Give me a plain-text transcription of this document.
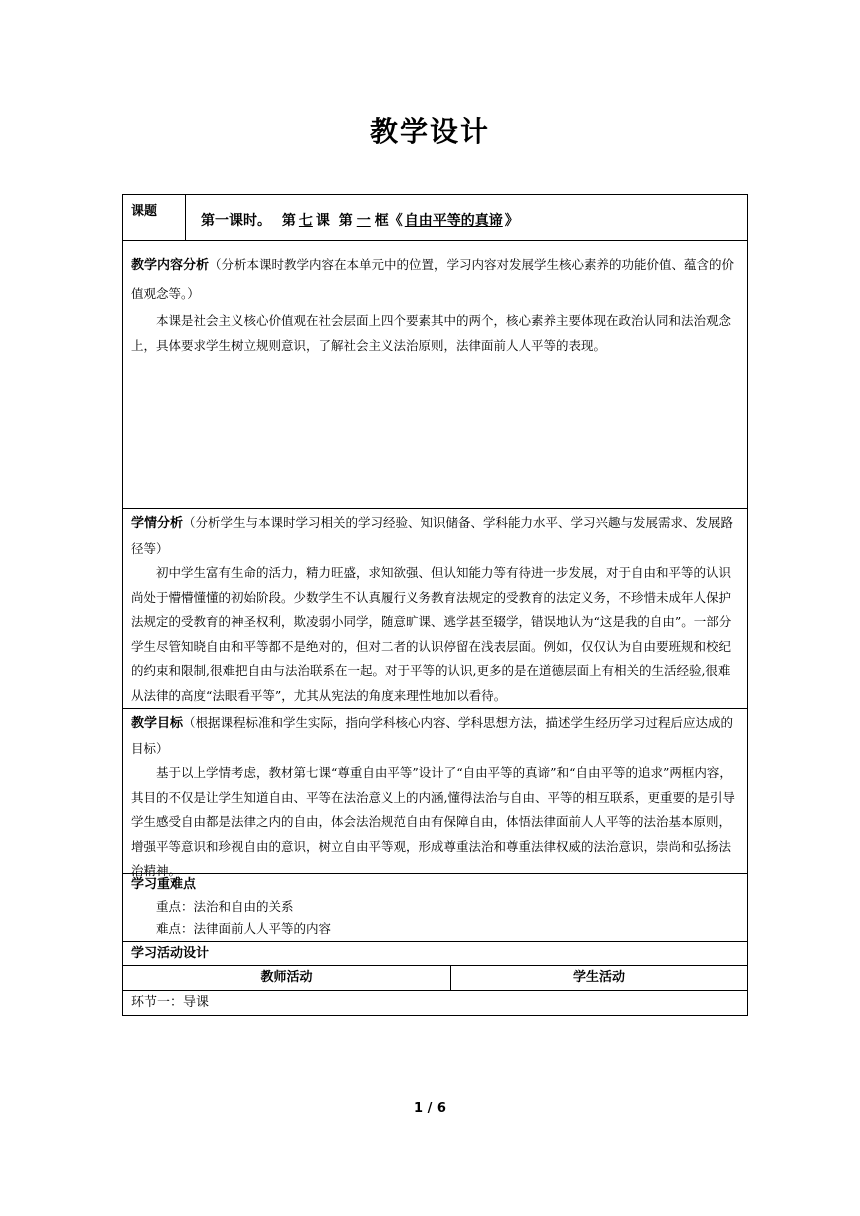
教学设计
课题
第一课时。 第 七 课 第 一 框《 自由平等的真谛 》
教学内容分析（分析本课时教学内容在本单元中的位置，学习内容对发展学生核心素养的功能价值、蕴含的价值观念等。）
本课是社会主义核心价值观在社会层面上四个要素其中的两个，核心素养主要体现在政治认同和法治观念上，具体要求学生树立规则意识，了解社会主义法治原则，法律面前人人平等的表现。
学情分析（分析学生与本课时学习相关的学习经验、知识储备、学科能力水平、学习兴趣与发展需求、发展路径等）
初中学生富有生命的活力，精力旺盛，求知欲强、但认知能力等有待进一步发展，对于自由和平等的认识尚处于懵懵懂懂的初始阶段。少数学生不认真履行义务教育法规定的受教育的法定义务，不珍惜未成年人保护法规定的受教育的神圣权利，欺凌弱小同学，随意旷课、逃学甚至辍学，错误地认为“这是我的自由”。一部分学生尽管知晓自由和平等都不是绝对的，但对二者的认识停留在浅表层面。例如，仅仅认为自由要班规和校纪的约束和限制,很难把自由与法治联系在一起。对于平等的认识,更多的是在道德层面上有相关的生活经验,很难从法律的高度“法眼看平等”，尤其从宪法的角度来理性地加以看待。
教学目标（根据课程标准和学生实际，指向学科核心内容、学科思想方法，描述学生经历学习过程后应达成的目标）
基于以上学情考虑，教材第七课“尊重自由平等”设计了“自由平等的真谛”和“自由平等的追求”两框内容，其目的不仅是让学生知道自由、平等在法治意义上的内涵,懂得法治与自由、平等的相互联系，更重要的是引导学生感受自由都是法律之内的自由，体会法治规范自由有保障自由，体悟法律面前人人平等的法治基本原则，增强平等意识和珍视自由的意识，树立自由平等观，形成尊重法治和尊重法律权威的法治意识，崇尚和弘扬法治精神。
学习重难点
重点：法治和自由的关系
难点：法律面前人人平等的内容
学习活动设计
教师活动	学生活动
环节一：导课
1 / 6
